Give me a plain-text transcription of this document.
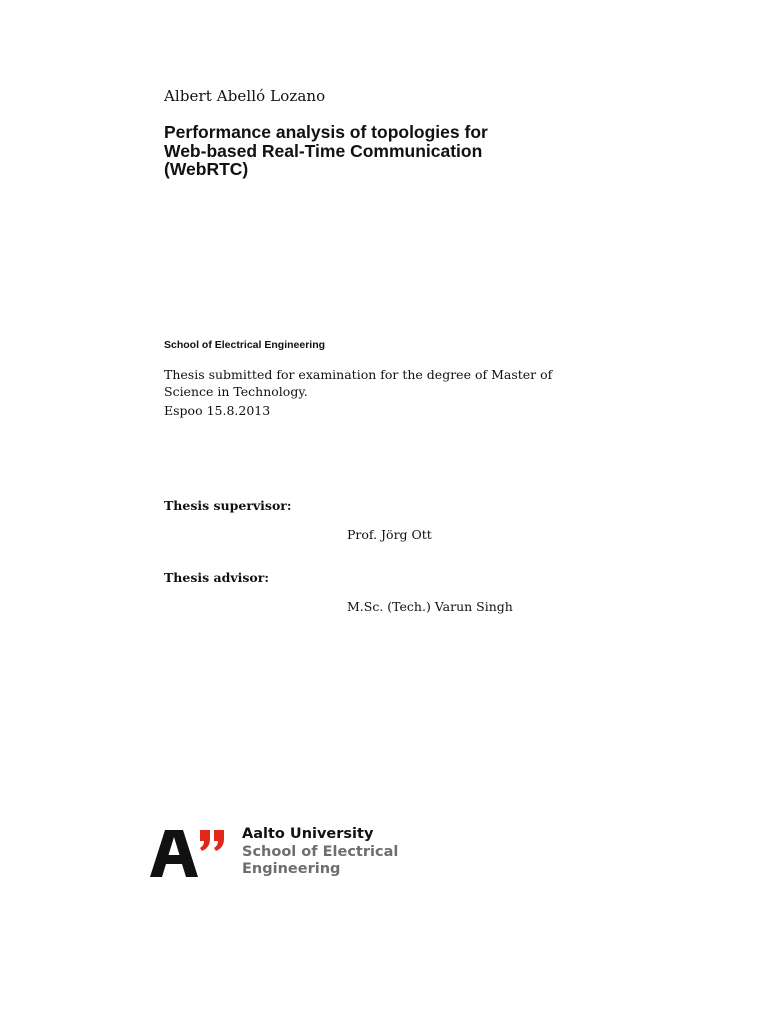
Albert Abelló Lozano
Performance analysis of topologies for
Web-based Real-Time Communication
(WebRTC)
School of Electrical Engineering
Thesis submitted for examination for the degree of Master of
Science in Technology.
Espoo 15.8.2013
Thesis supervisor:
Prof. Jörg Ott
Thesis advisor:
M.Sc. (Tech.) Varun Singh
Aalto University
School of Electrical
Engineering
